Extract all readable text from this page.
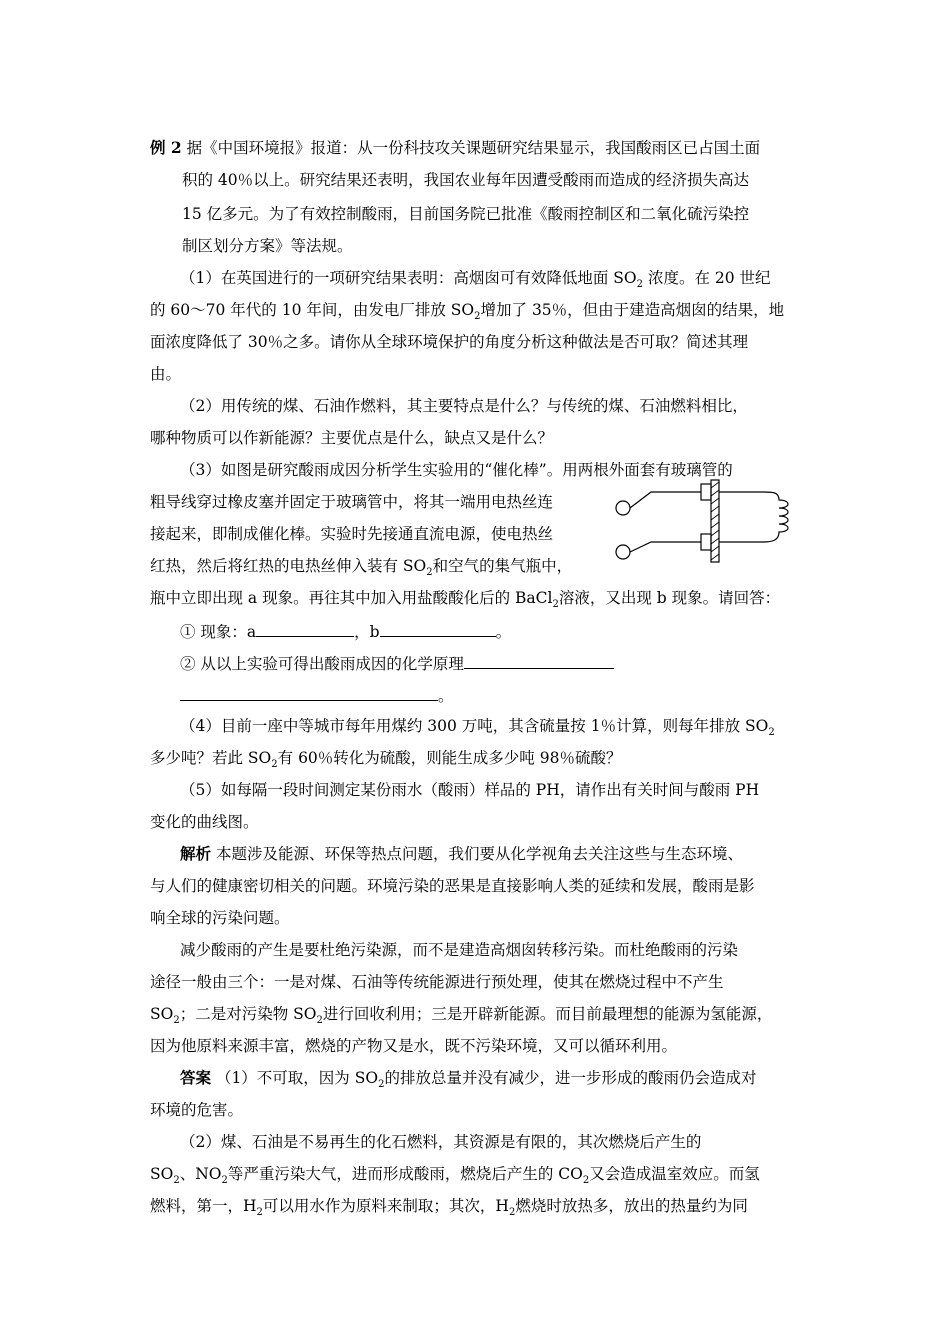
例 2 据《中国环境报》报道：从一份科技攻关课题研究结果显示，我国酸雨区已占国土面
积的 40％以上。研究结果还表明，我国农业每年因遭受酸雨而造成的经济损失高达
15 亿多元。为了有效控制酸雨，目前国务院已批准《酸雨控制区和二氧化硫污染控
制区划分方案》等法规。
（1）在英国进行的一项研究结果表明：高烟囱可有效降低地面 $SO_2$ 浓度。在 20 世纪
的 60～70 年代的 10 年间，由发电厂排放 $SO_2$增加了 35％，但由于建造高烟囱的结果，地
面浓度降低了 30％之多。请你从全球环境保护的角度分析这种做法是否可取？简述其理
由。
（2）用传统的煤、石油作燃料，其主要特点是什么？与传统的煤、石油燃料相比，
哪种物质可以作新能源？主要优点是什么，缺点又是什么？
（3）如图是研究酸雨成因分析学生实验用的“催化棒”。用两根外面套有玻璃管的
粗导线穿过橡皮塞并固定于玻璃管中，将其一端用电热丝连
接起来，即制成催化棒。实验时先接通直流电源，使电热丝
红热，然后将红热的电热丝伸入装有 $SO_2$和空气的集气瓶中，
瓶中立即出现 a 现象。再往其中加入用盐酸酸化后的 BaCl$_2$溶液，又出现 b 现象。请回答：
① 现象：a	，b	。
② 从以上实验可得出酸雨成因的化学原理
。
（4）目前一座中等城市每年用煤约 300 万吨，其含硫量按 1％计算，则每年排放 $SO_2$
多少吨？若此 $SO_2$有 60％转化为硫酸，则能生成多少吨 98％硫酸？
（5）如每隔一段时间测定某份雨水（酸雨）样品的 PH，请作出有关时间与酸雨 PH
变化的曲线图。
解析 本题涉及能源、环保等热点问题，我们要从化学视角去关注这些与生态环境、
与人们的健康密切相关的问题。环境污染的恶果是直接影响人类的延续和发展，酸雨是影
响全球的污染问题。
减少酸雨的产生是要杜绝污染源，而不是建造高烟囱转移污染。而杜绝酸雨的污染
途径一般由三个：一是对煤、石油等传统能源进行预处理，使其在燃烧过程中不产生
$SO_2$；二是对污染物 $SO_2$进行回收利用；三是开辟新能源。而目前最理想的能源为氢能源，
因为他原料来源丰富，燃烧的产物又是水，既不污染环境，又可以循环利用。
答案 （1）不可取，因为 $SO_2$的排放总量并没有减少，进一步形成的酸雨仍会造成对
环境的危害。
（2）煤、石油是不易再生的化石燃料，其资源是有限的，其次燃烧后产生的
$SO_2$、$NO_2$等严重污染大气，进而形成酸雨，燃烧后产生的 $CO_2$又会造成温室效应。而氢
燃料，第一，$H_2$可以用水作为原料来制取；其次，$H_2$燃烧时放热多，放出的热量约为同
